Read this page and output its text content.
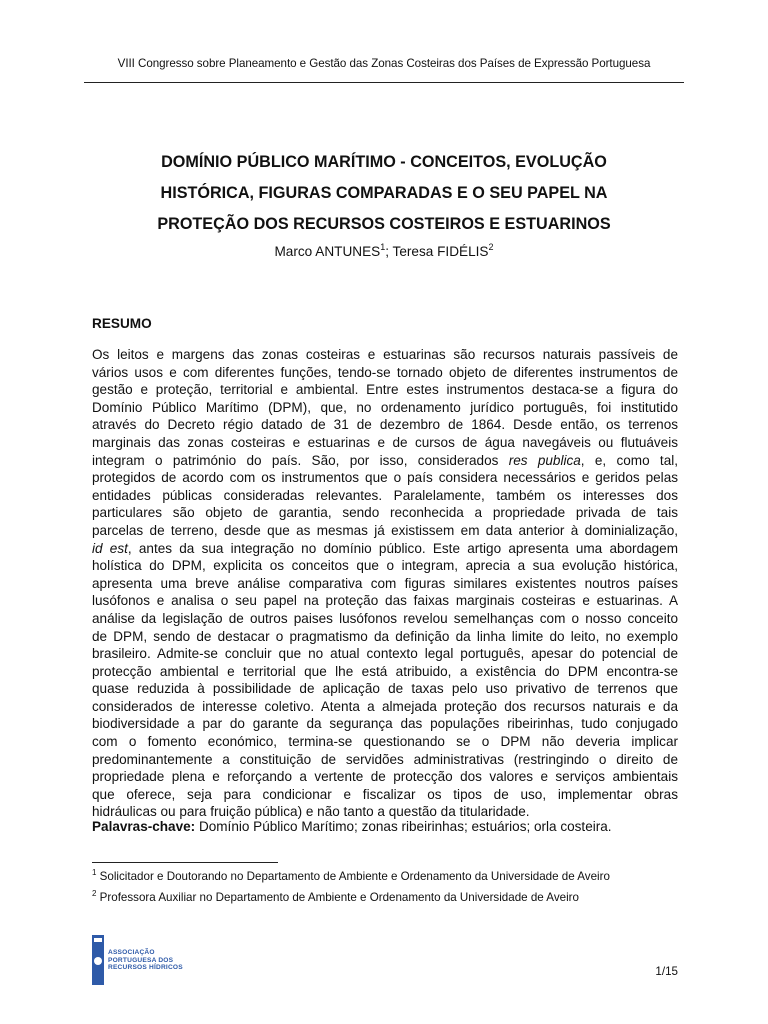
VIII Congresso sobre Planeamento e Gestão das Zonas Costeiras dos Países de Expressão Portuguesa
DOMÍNIO PÚBLICO MARÍTIMO - CONCEITOS, EVOLUÇÃO
HISTÓRICA, FIGURAS COMPARADAS E O SEU PAPEL NA
PROTEÇÃO DOS RECURSOS COSTEIROS E ESTUARINOS
Marco ANTUNES$^1$; Teresa FIDÉLIS$^2$
RESUMO
Os leitos e margens das zonas costeiras e estuarinas são recursos naturais passíveis de
vários usos e com diferentes funções, tendo-se tornado objeto de diferentes instrumentos de
gestão e proteção, territorial e ambiental. Entre estes instrumentos destaca-se a figura do
Domínio Público Marítimo (DPM), que, no ordenamento jurídico português, foi institutido
através do Decreto régio datado de 31 de dezembro de 1864. Desde então, os terrenos
marginais das zonas costeiras e estuarinas e de cursos de água navegáveis ou flutuáveis
integram o património do país. São, por isso, considerados res publica, e, como tal,
protegidos de acordo com os instrumentos que o país considera necessários e geridos pelas
entidades públicas consideradas relevantes. Paralelamente, também os interesses dos
particulares são objeto de garantia, sendo reconhecida a propriedade privada de tais
parcelas de terreno, desde que as mesmas já existissem em data anterior à dominialização,
id est, antes da sua integração no domínio público. Este artigo apresenta uma abordagem
holística do DPM, explicita os conceitos que o integram, aprecia a sua evolução histórica,
apresenta uma breve análise comparativa com figuras similares existentes noutros países
lusófonos e analisa o seu papel na proteção das faixas marginais costeiras e estuarinas. A
análise da legislação de outros paises lusófonos revelou semelhanças com o nosso conceito
de DPM, sendo de destacar o pragmatismo da definição da linha limite do leito, no exemplo
brasileiro. Admite-se concluir que no atual contexto legal português, apesar do potencial de
protecção ambiental e territorial que lhe está atribuido, a existência do DPM encontra-se
quase reduzida à possibilidade de aplicação de taxas pelo uso privativo de terrenos que
considerados de interesse coletivo. Atenta a almejada proteção dos recursos naturais e da
biodiversidade a par do garante da segurança das populações ribeirinhas, tudo conjugado
com o fomento económico, termina-se questionando se o DPM não deveria implicar
predominantemente a constituição de servidões administrativas (restringindo o direito de
propriedade plena e reforçando a vertente de protecção dos valores e serviços ambientais
que oferece, seja para condicionar e fiscalizar os tipos de uso, implementar obras
hidráulicas ou para fruição pública) e não tanto a questão da titularidade.
Palavras-chave: Domínio Público Marítimo; zonas ribeirinhas; estuários; orla costeira.
$^1$ Solicitador e Doutorando no Departamento de Ambiente e Ordenamento da Universidade de Aveiro
$^2$ Professora Auxiliar no Departamento de Ambiente e Ordenamento da Universidade de Aveiro
ASSOCIAÇÃO
PORTUGUESA DOS
RECURSOS HÍDRICOS	1/15
